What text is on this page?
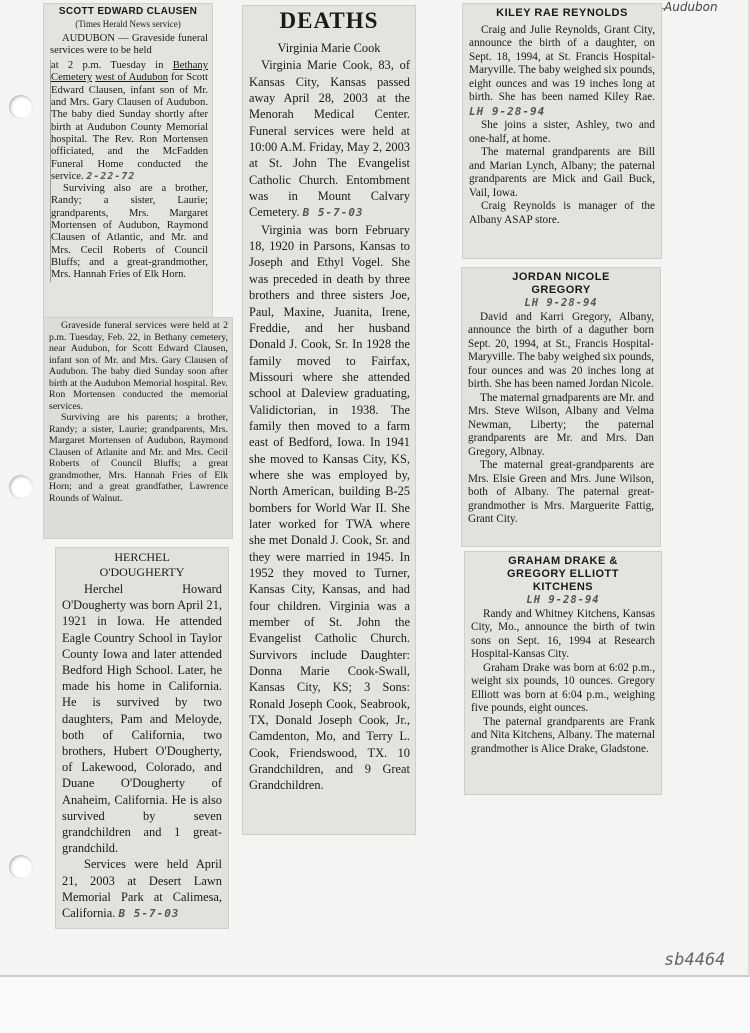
Audubon
SCOTT EDWARD CLAUSEN
(Times Herald News service)

AUDUBON — Graveside funeral services were to be held

at 2 p.m. Tuesday in Bethany Cemetery west of Audubon for Scott Edward Clausen, infant son of Mr. and Mrs. Gary Clausen of Audubon. The baby died Sunday shortly after birth at Audubon County Memorial hospital. The Rev. Ron Mortensen officiated, and the McFadden Funeral Home conducted the service. 2-22-72

Surviving also are a brother, Randy; a sister, Laurie; grandparents, Mrs. Margaret Mortensen of Audubon, Raymond Clausen of Atlantic, and Mr. and Mrs. Cecil Roberts of Council Bluffs; and a great-grandmother, Mrs. Hannah Fries of Elk Horn.

Graveside funeral services were held at 2 p.m. Tuesday, Feb. 22, in Bethany cemetery, near Audubon, for Scott Edward Clausen, infant son of Mr. and Mrs. Gary Clausen of Audubon. The baby died Sunday soon after birth at the Audubon Memorial hospital. Rev. Ron Mortensen conducted the memorial services.

Surviving are his parents; a brother, Randy; a sister, Laurie; grandparents, Mrs. Margaret Mortensen of Audubon, Raymond Clausen of Atlanite and Mr. and Mrs. Cecil Roberts of Council Bluffs; a great grandmother, Mrs. Hannah Fries of Elk Horn; and a great grandfather, Lawrence Rounds of Walnut.

HERCHEL
O'DOUGHERTY

Herchel Howard O'Dougherty was born April 21, 1921 in Iowa. He attended Eagle Country School in Taylor County Iowa and later attended Bedford High School. Later, he made his home in California. He is survived by two daughters, Pam and Meloyde, both of California, two brothers, Hubert O'Dougherty, of Lakewood, Colorado, and Duane O'Dougherty of Anaheim, California. He is also survived by seven grandchildren and 1 great-grandchild.

Services were held April 21, 2003 at Desert Lawn Memorial Park at Calimesa, California. B 5-7-03

DEATHS
Virginia Marie Cook

Virginia Marie Cook, 83, of Kansas City, Kansas passed away April 28, 2003 at the Menorah Medical Center. Funeral services were held at 10:00 A.M. Friday, May 2, 2003 at St. John The Evangelist Catholic Church. Entombment was in Mount Calvary Cemetery. B 5-7-03

Virginia was born February 18, 1920 in Parsons, Kansas to Joseph and Ethyl Vogel. She was preceded in death by three brothers and three sisters Joe, Paul, Maxine, Juanita, Irene, Freddie, and her husband Donald J. Cook, Sr. In 1928 the family moved to Fairfax, Missouri where she attended school at Daleview graduating, Validictorian, in 1938. The family then moved to a farm east of Bedford, Iowa. In 1941 she moved to Kansas City, KS, where she was employed by, North American, building B-25 bombers for World War II. She later worked for TWA where she met Donald J. Cook, Sr. and they were married in 1945. In 1952 they moved to Turner, Kansas City, Kansas, and had four children. Virginia was a member of St. John the Evangelist Catholic Church. Survivors include Daughter: Donna Marie Cook-Swall, Kansas City, KS; 3 Sons: Ronald Joseph Cook, Seabrook, TX, Donald Joseph Cook, Jr., Camdenton, Mo, and Terry L. Cook, Friendswood, TX. 10 Grandchildren, and 9 Great Grandchildren.

KILEY RAE REYNOLDS

Craig and Julie Reynolds, Grant City, announce the birth of a daughter, on Sept. 18, 1994, at St. Francis Hospital-Maryville. The baby weighed six pounds, eight ounces and was 19 inches long at birth. She has been named Kiley Rae. LH 9-28-94

She joins a sister, Ashley, two and one-half, at home.

The maternal grandparents are Bill and Marian Lynch, Albany; the paternal grandparents are Mick and Gail Buck, Vail, Iowa.

Craig Reynolds is manager of the Albany ASAP store.

JORDAN NICOLE
GREGORY
LH 9-28-94

David and Karri Gregory, Albany, announce the birth of a daguther born Sept. 20, 1994, at St., Francis Hospital-Maryville. The baby weighed six pounds, four ounces and was 20 inches long at birth. She has been named Jordan Nicole.

The maternal grnadparents are Mr. and Mrs. Steve Wilson, Albany and Velma Newman, Liberty; the paternal grandparents are Mr. and Mrs. Dan Gregory, Albnay.

The maternal great-grandparents are Mrs. Elsie Green and Mrs. June Wilson, both of Albany. The paternal great-grandmother is Mrs. Marguerite Fattig, Grant City.

GRAHAM DRAKE &
GREGORY ELLIOTT
KITCHENS
LH 9-28-94

Randy and Whitney Kitchens, Kansas City, Mo., announce the birth of twin sons on Sept. 16, 1994 at Research Hospital-Kansas City.

Graham Drake was born at 6:02 p.m., weight six pounds, 10 ounces. Gregory Elliott was born at 6:04 p.m., weighing five pounds, eight ounces.

The paternal grandparents are Frank and Nita Kitchens, Albany. The maternal grandmother is Alice Drake, Gladstone.

sb4464
